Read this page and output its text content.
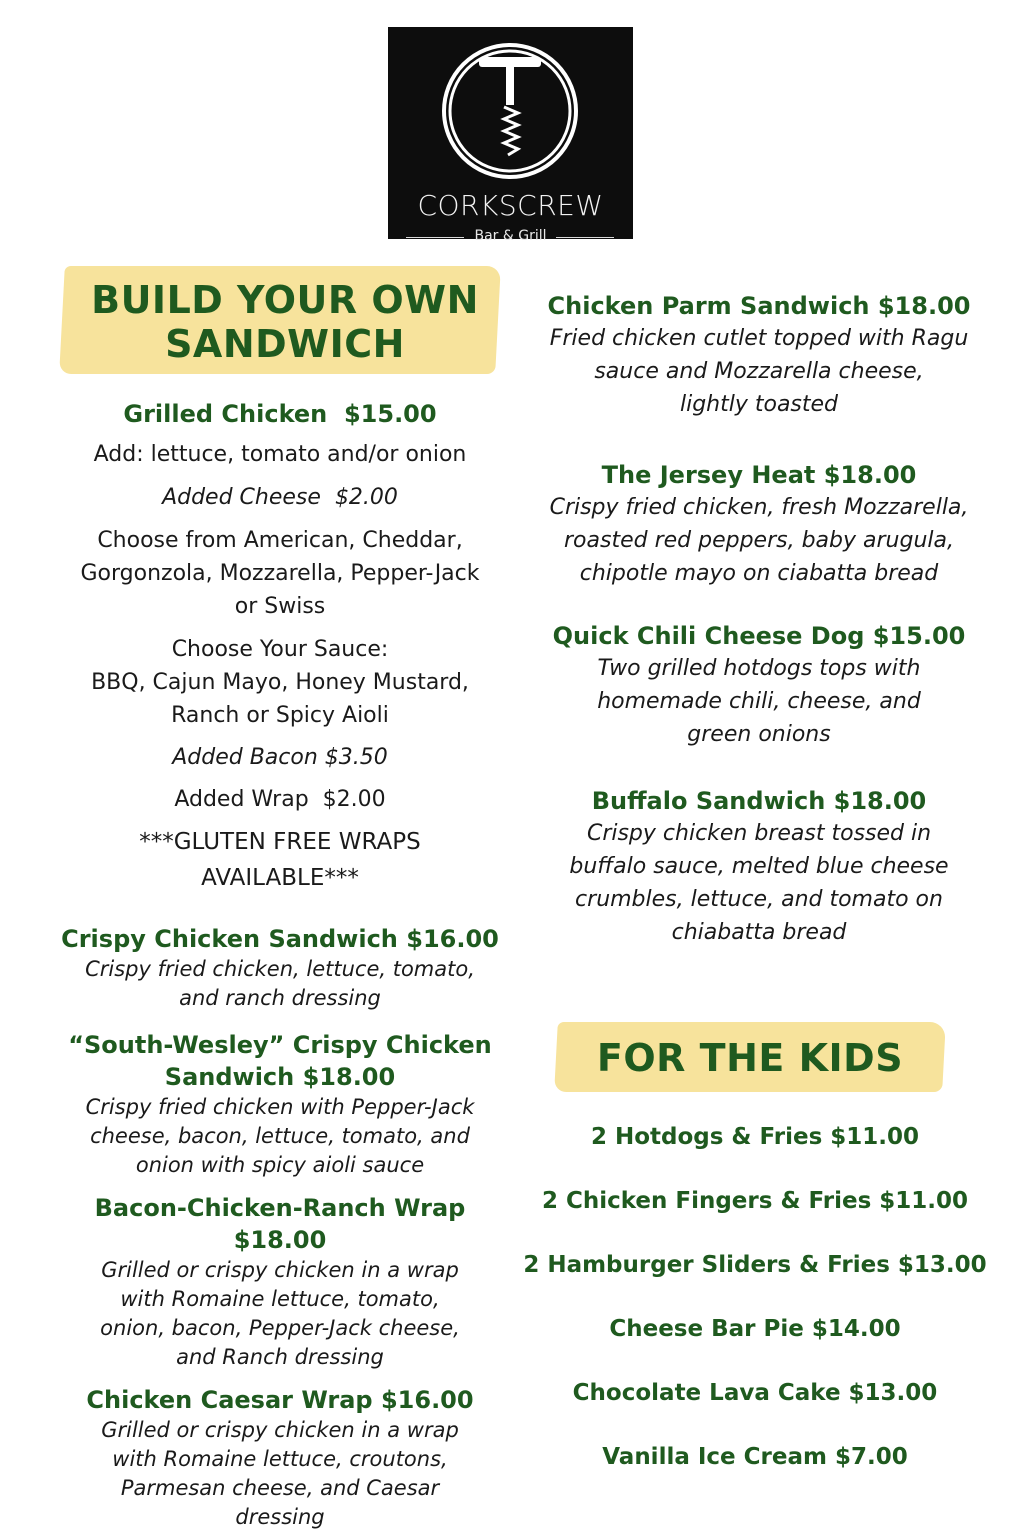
CORKSCREW
Bar & Grill
BUILD YOUR OWN
SANDWICH
Grilled Chicken $15.00
Add: lettuce, tomato and/or onion
Added Cheese $2.00
Choose from American, Cheddar,
Gorgonzola, Mozzarella, Pepper-Jack
or Swiss
Choose Your Sauce:
BBQ, Cajun Mayo, Honey Mustard,
Ranch or Spicy Aioli
Added Bacon $3.50
Added Wrap $2.00
***GLUTEN FREE WRAPS
AVAILABLE***
Crispy Chicken Sandwich $16.00
Crispy fried chicken, lettuce, tomato,
and ranch dressing
“South-Wesley” Crispy Chicken
Sandwich $18.00
Crispy fried chicken with Pepper-Jack
cheese, bacon, lettuce, tomato, and
onion with spicy aioli sauce
Bacon-Chicken-Ranch Wrap $18.00
Grilled or crispy chicken in a wrap
with Romaine lettuce, tomato,
onion, bacon, Pepper-Jack cheese,
and Ranch dressing
Chicken Caesar Wrap $16.00
Grilled or crispy chicken in a wrap
with Romaine lettuce, croutons,
Parmesan cheese, and Caesar
dressing
Chicken Parm Sandwich $18.00
Fried chicken cutlet topped with Ragu
sauce and Mozzarella cheese,
lightly toasted
The Jersey Heat $18.00
Crispy fried chicken, fresh Mozzarella,
roasted red peppers, baby arugula,
chipotle mayo on ciabatta bread
Quick Chili Cheese Dog $15.00
Two grilled hotdogs tops with
homemade chili, cheese, and
green onions
Buffalo Sandwich $18.00
Crispy chicken breast tossed in
buffalo sauce, melted blue cheese
crumbles, lettuce, and tomato on
chiabatta bread
FOR THE KIDS
2 Hotdogs & Fries $11.00
2 Chicken Fingers & Fries $11.00
2 Hamburger Sliders & Fries $13.00
Cheese Bar Pie $14.00
Chocolate Lava Cake $13.00
Vanilla Ice Cream $7.00
